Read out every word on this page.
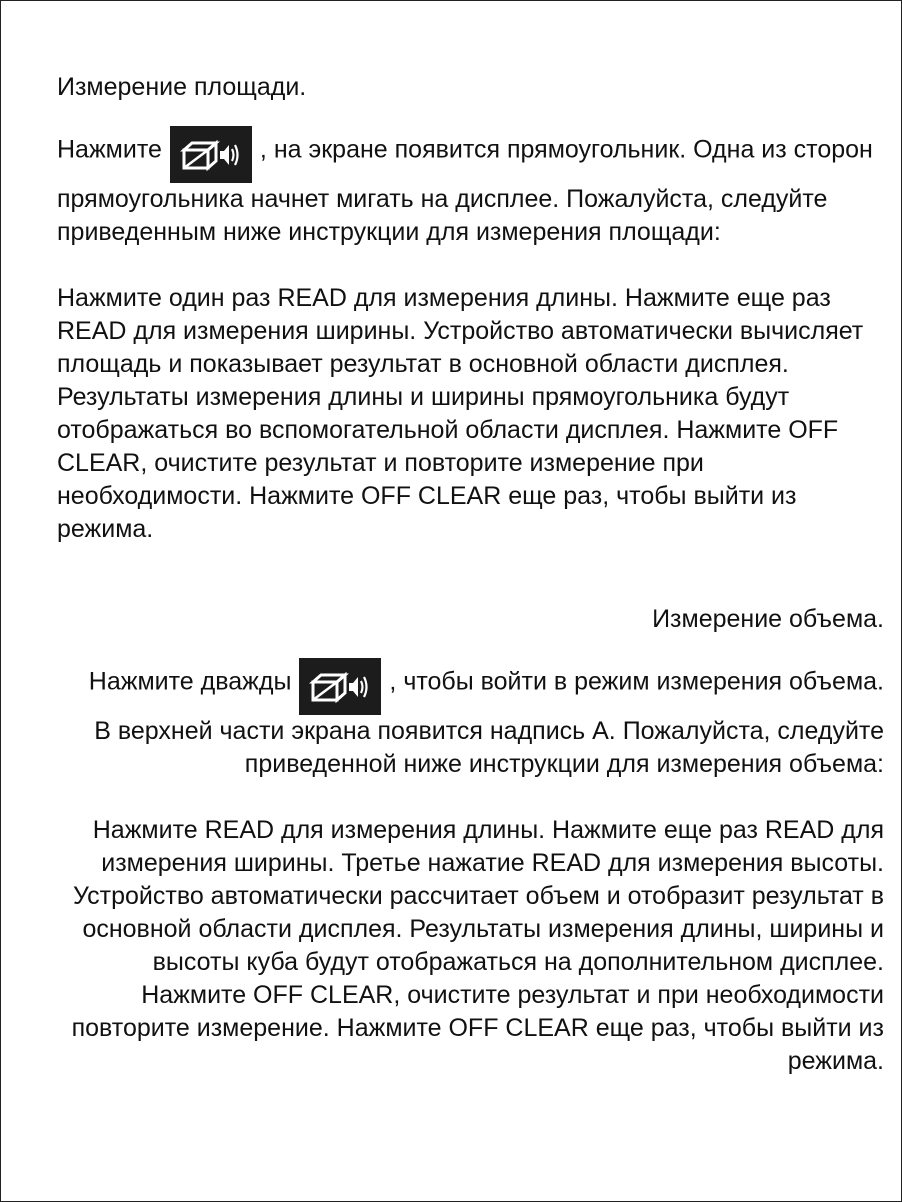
Измерение площади.

Нажмите	, на экране появится прямоугольник. Одна из сторон прямоугольника начнет мигать на дисплее. Пожалуйста, следуйте приведенным ниже инструкции для измерения площади:

Нажмите один раз READ для измерения длины. Нажмите еще раз READ для измерения ширины. Устройство автоматически вычисляет площадь и показывает результат в основной области дисплея. Результаты измерения длины и ширины прямоугольника будут отображаться во вспомогательной области дисплея. Нажмите OFF CLEAR, очистите результат и повторите измерение при необходимости. Нажмите OFF CLEAR еще раз, чтобы выйти из режима.

Измерение объема.

Нажмите дважды	, чтобы войти в режим измерения объема. В верхней части экрана появится надпись А. Пожалуйста, следуйте приведенной ниже инструкции для измерения объема:

Нажмите READ для измерения длины. Нажмите еще раз READ для измерения ширины. Третье нажатие READ для измерения высоты. Устройство автоматически рассчитает объем и отобразит результат в основной области дисплея. Результаты измерения длины, ширины и высоты куба будут отображаться на дополнительном дисплее. Нажмите OFF CLEAR, очистите результат и при необходимости повторите измерение. Нажмите OFF CLEAR еще раз, чтобы выйти из режима.
